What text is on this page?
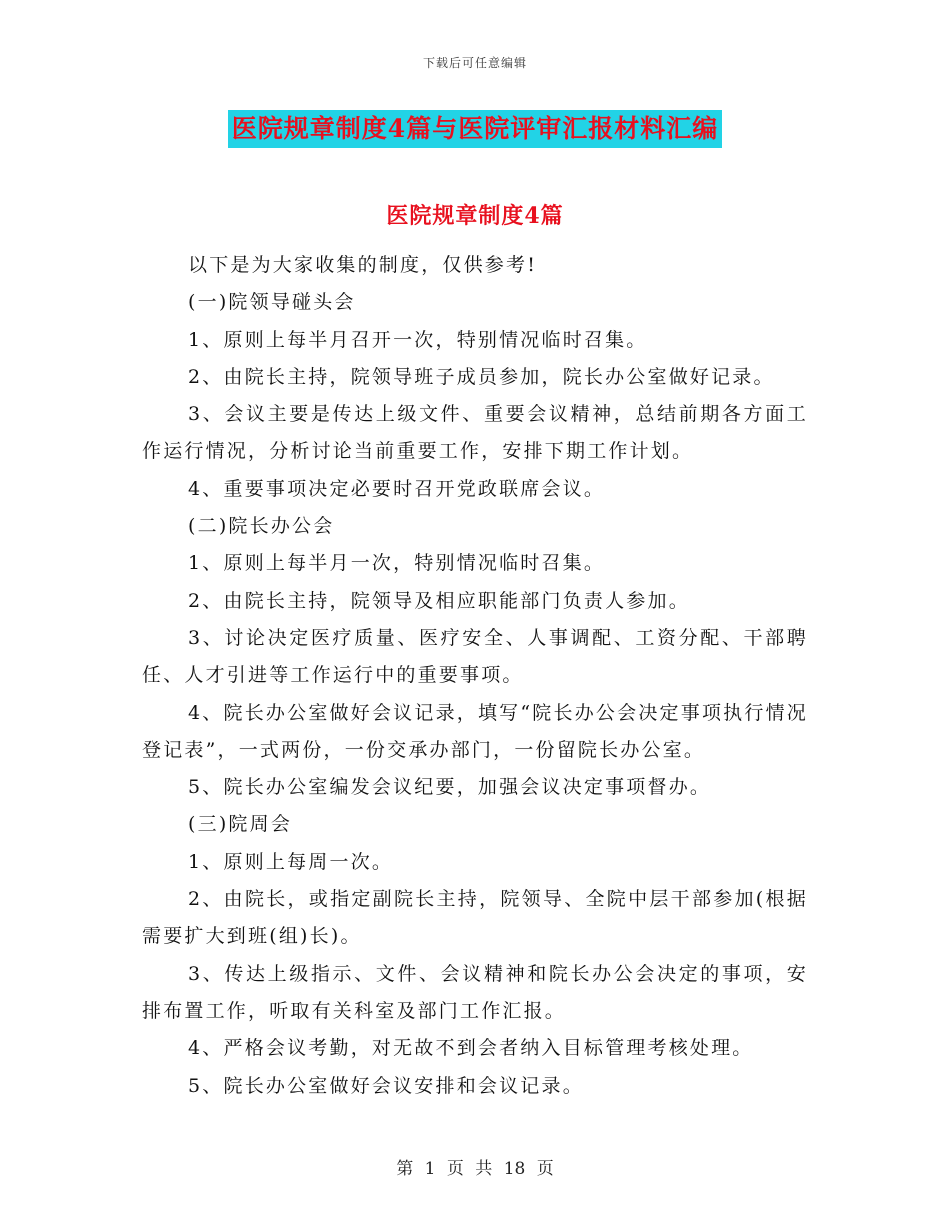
下载后可任意编辑
医院规章制度4篇与医院评审汇报材料汇编
医院规章制度4篇

以下是为大家收集的制度，仅供参考!

(一)院领导碰头会

1、原则上每半月召开一次，特别情况临时召集。

2、由院长主持，院领导班子成员参加，院长办公室做好记录。

3、会议主要是传达上级文件、重要会议精神，总结前期各方面工作运行情况，分析讨论当前重要工作，安排下期工作计划。

4、重要事项决定必要时召开党政联席会议。

(二)院长办公会

1、原则上每半月一次，特别情况临时召集。

2、由院长主持，院领导及相应职能部门负责人参加。

3、讨论决定医疗质量、医疗安全、人事调配、工资分配、干部聘任、人才引进等工作运行中的重要事项。

4、院长办公室做好会议记录，填写“院长办公会决定事项执行情况登记表”，一式两份，一份交承办部门，一份留院长办公室。

5、院长办公室编发会议纪要，加强会议决定事项督办。

(三)院周会

1、原则上每周一次。

2、由院长，或指定副院长主持，院领导、全院中层干部参加(根据需要扩大到班(组)长)。

3、传达上级指示、文件、会议精神和院长办公会决定的事项，安排布置工作，听取有关科室及部门工作汇报。

4、严格会议考勤，对无故不到会者纳入目标管理考核处理。

5、院长办公室做好会议安排和会议记录。

第 1 页 共 18 页
